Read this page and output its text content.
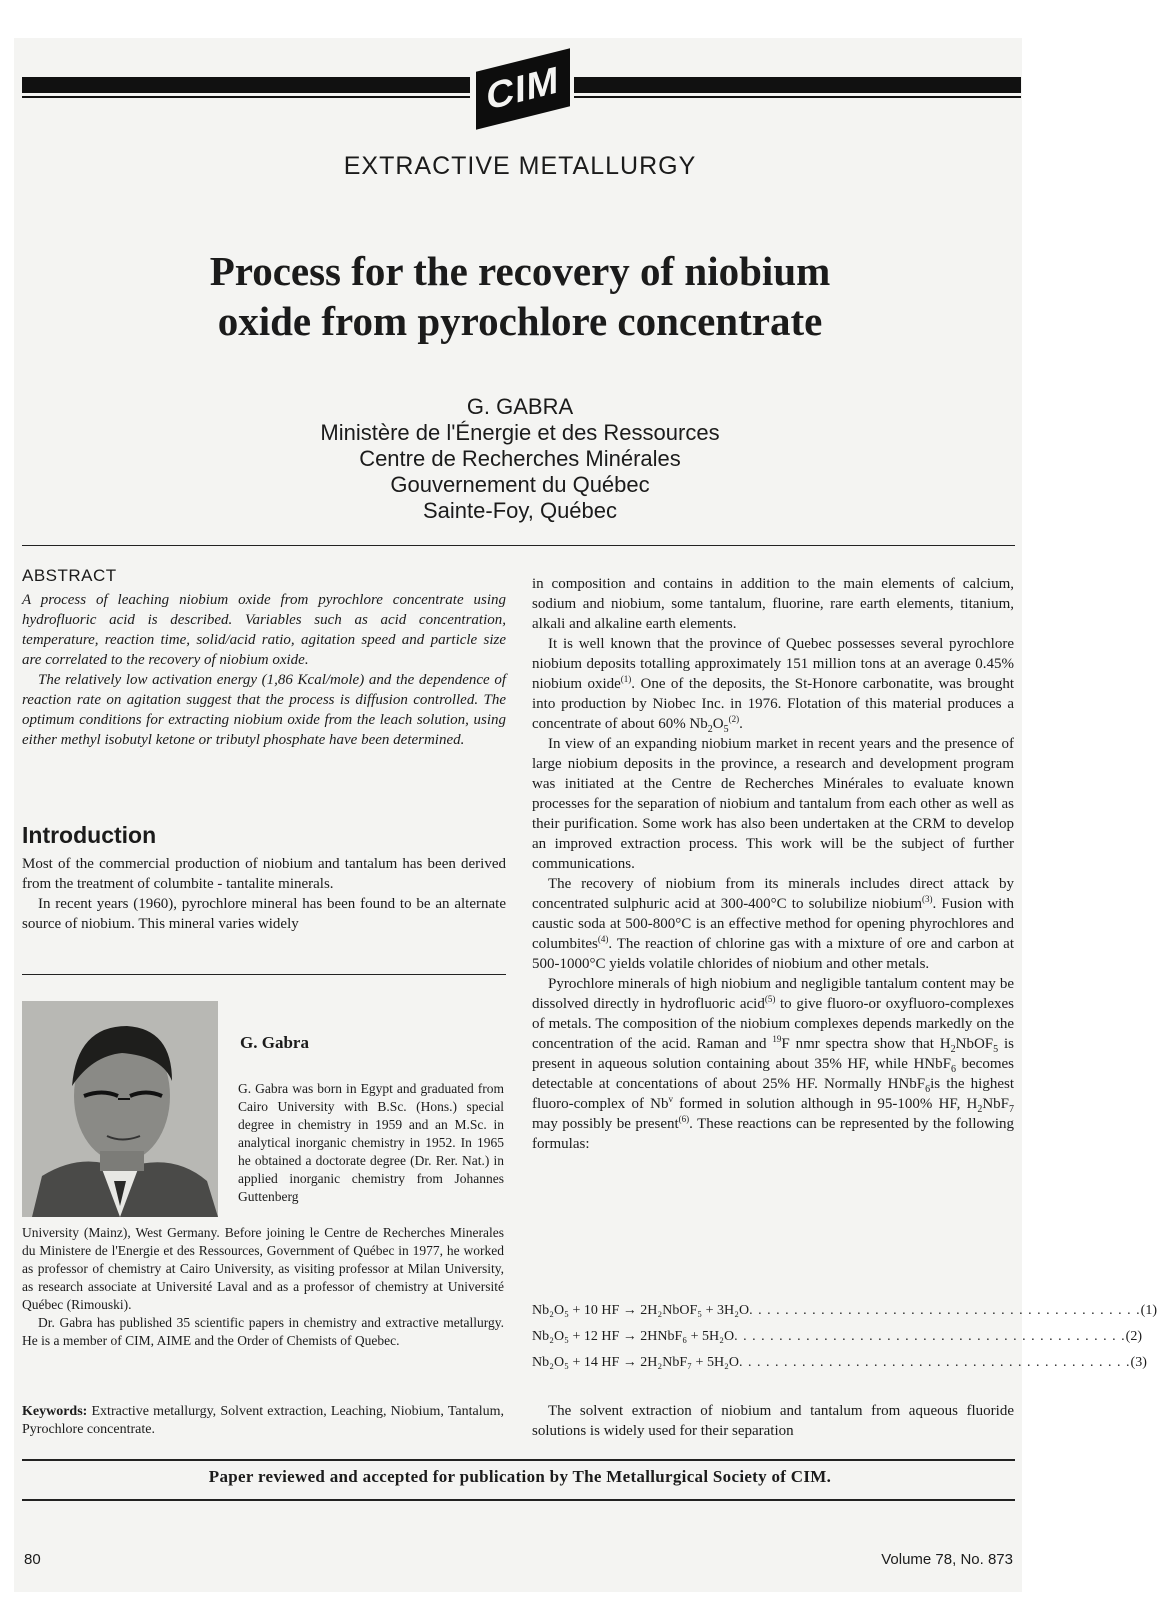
CIM
EXTRACTIVE METALLURGY
Process for the recovery of niobium
oxide from pyrochlore concentrate
G. GABRA
Ministère de l'Énergie et des Ressources
Centre de Recherches Minérales
Gouvernement du Québec
Sainte-Foy, Québec
ABSTRACT

A process of leaching niobium oxide from pyrochlore concentrate using hydrofluoric acid is described. Variables such as acid concentration, temperature, reaction time, solid/acid ratio, agitation speed and particle size are correlated to the recovery of niobium oxide.

The relatively low activation energy (1,86 Kcal/mole) and the dependence of reaction rate on agitation suggest that the process is diffusion controlled. The optimum conditions for extracting niobium oxide from the leach solution, using either methyl isobutyl ketone or tributyl phosphate have been determined.

Introduction

Most of the commercial production of niobium and tantalum has been derived from the treatment of columbite - tantalite minerals.

In recent years (1960), pyrochlore mineral has been found to be an alternate source of niobium. This mineral varies widely

G. Gabra

G. Gabra was born in Egypt and graduated from Cairo University with B.Sc. (Hons.) special degree in chemistry in 1959 and an M.Sc. in analytical inorganic chemistry in 1952. In 1965 he obtained a doctorate degree (Dr. Rer. Nat.) in applied inorganic chemistry from Johannes Guttenberg

University (Mainz), West Germany. Before joining le Centre de Recherches Minerales du Ministere de l'Energie et des Ressources, Government of Québec in 1977, he worked as professor of chemistry at Cairo University, as visiting professor at Milan University, as research associate at Université Laval and as a professor of chemistry at Université Québec (Rimouski).

Dr. Gabra has published 35 scientific papers in chemistry and extractive metallurgy. He is a member of CIM, AIME and the Order of Chemists of Quebec.

Keywords: Extractive metallurgy, Solvent extraction, Leaching, Niobium, Tantalum, Pyrochlore concentrate.

in composition and contains in addition to the main elements of calcium, sodium and niobium, some tantalum, fluorine, rare earth elements, titanium, alkali and alkaline earth elements.

It is well known that the province of Quebec possesses several pyrochlore niobium deposits totalling approximately 151 million tons at an average 0.45% niobium oxide$^{(1)}$. One of the deposits, the St-Honore carbonatite, was brought into production by Niobec Inc. in 1976. Flotation of this material produces a concentrate of about 60% $Nb_2O_5^{(2)}$.

In view of an expanding niobium market in recent years and the presence of large niobium deposits in the province, a research and development program was initiated at the Centre de Recherches Minérales to evaluate known processes for the separation of niobium and tantalum from each other as well as their purification. Some work has also been undertaken at the CRM to develop an improved extraction process. This work will be the subject of further communications.

The recovery of niobium from its minerals includes direct attack by concentrated sulphuric acid at 300-400°C to solubilize niobium$^{(3)}$. Fusion with caustic soda at 500-800°C is an effective method for opening phyrochlores and columbites$^{(4)}$. The reaction of chlorine gas with a mixture of ore and carbon at 500-1000°C yields volatile chlorides of niobium and other metals.

Pyrochlore minerals of high niobium and negligible tantalum content may be dissolved directly in hydrofluoric acid$^{(5)}$ to give fluoro-or oxyfluoro-complexes of metals. The composition of the niobium complexes depends markedly on the concentration of the acid. Raman and $^{19}$F nmr spectra show that $H_2NbOF_5$ is present in aqueous solution containing about 35% HF, while HNbF$_6$ becomes detectable at concentations of about 25% HF. Normally HNbF$_6$is the highest fluoro-complex of Nb$^v$ formed in solution although in 95-100% HF, $H_2NbF_7$ may possibly be present$^{(6)}$. These reactions can be represented by the following formulas:

Nb₂O₅ + 10 HF → 2H₂NbOF₅ + 3H₂O . . . . . . . . . . . . . . . . . . . . . . . . . . . . . . . . . . . . . . . . . . . . (1)
Nb₂O₅ + 12 HF → 2HNbF₆ + 5H₂O . . . . . . . . . . . . . . . . . . . . . . . . . . . . . . . . . . . . . . . . . . . . (2)
Nb₂O₅ + 14 HF → 2H₂NbF₇ + 5H₂O . . . . . . . . . . . . . . . . . . . . . . . . . . . . . . . . . . . . . . . . . . . . (3)

The solvent extraction of niobium and tantalum from aqueous fluoride solutions is widely used for their separation

Paper reviewed and accepted for publication by The Metallurgical Society of CIM.
80	Volume 78, No. 873
